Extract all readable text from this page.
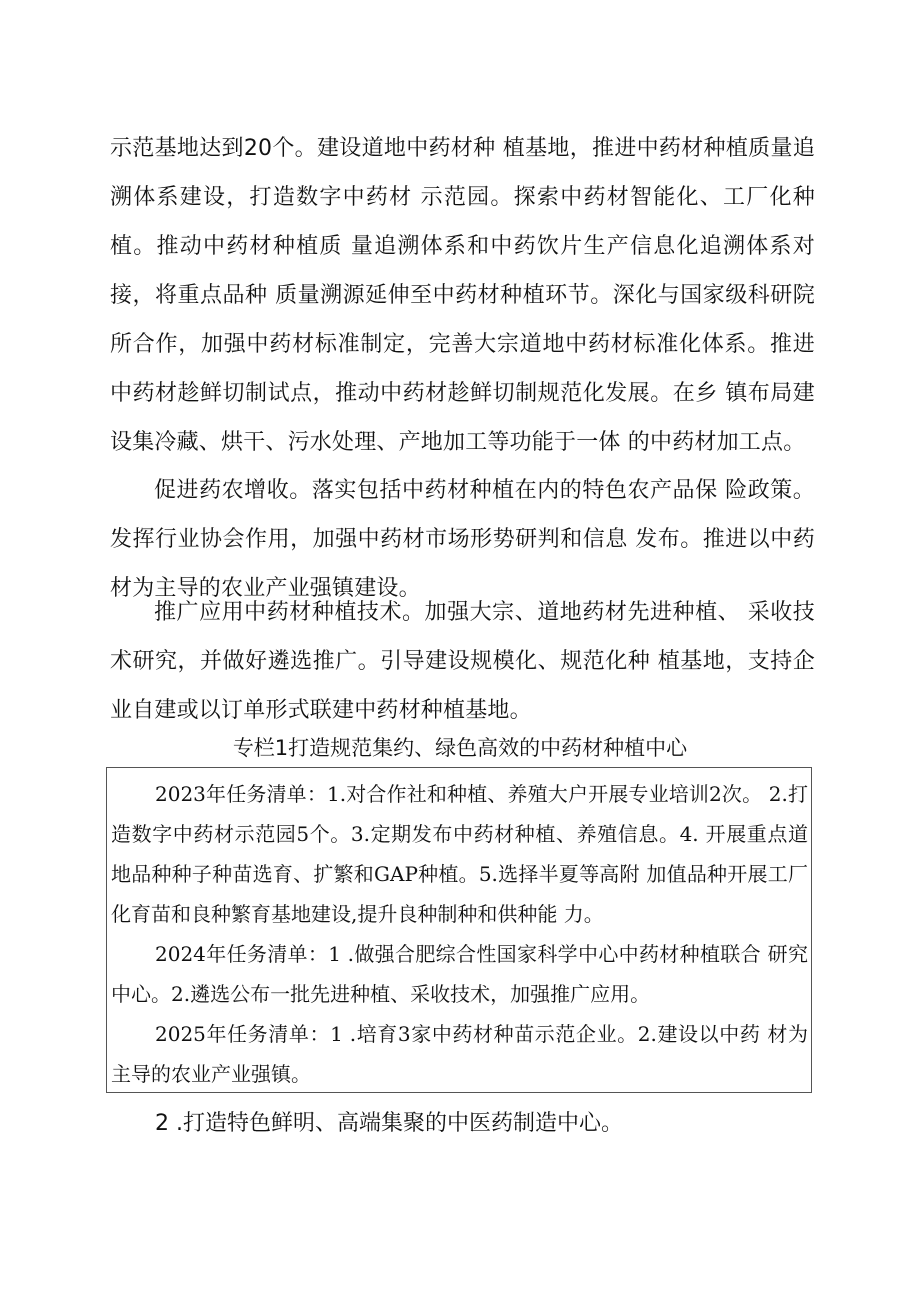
示范基地达到20个。建设道地中药材种 植基地，推进中药材种植质量追溯体系建设，打造数字中药材 示范园。探索中药材智能化、工厂化种植。推动中药材种植质 量追溯体系和中药饮片生产信息化追溯体系对接，将重点品种 质量溯源延伸至中药材种植环节。深化与国家级科研院所合作，加强中药材标准制定，完善大宗道地中药材标准化体系。推进 中药材趁鲜切制试点，推动中药材趁鲜切制规范化发展。在乡 镇布局建设集冷藏、烘干、污水处理、产地加工等功能于一体 的中药材加工点。

促进药农增收。落实包括中药材种植在内的特色农产品保 险政策。发挥行业协会作用，加强中药材市场形势研判和信息 发布。推进以中药材为主导的农业产业强镇建设。

推广应用中药材种植技术。加强大宗、道地药材先进种植、 采收技术研究，并做好遴选推广。引导建设规模化、规范化种 植基地，支持企业自建或以订单形式联建中药材种植基地。

专栏1打造规范集约、绿色高效的中药材种植中心

2023年任务清单：1.对合作社和种植、养殖大户开展专业培训2次。 2.打造数字中药材示范园5个。3.定期发布中药材种植、养殖信息。4. 开展重点道地品种种子种苗选育、扩繁和GAP种植。5.选择半夏等高附 加值品种开展工厂化育苗和良种繁育基地建设,提升良种制种和供种能 力。

2024年任务清单：1 .做强合肥综合性国家科学中心中药材种植联合 研究中心。2.遴选公布一批先进种植、采收技术，加强推广应用。

2025年任务清单：1 .培育3家中药材种苗示范企业。2.建设以中药 材为主导的农业产业强镇。

2 .打造特色鲜明、高端集聚的中医药制造中心。
